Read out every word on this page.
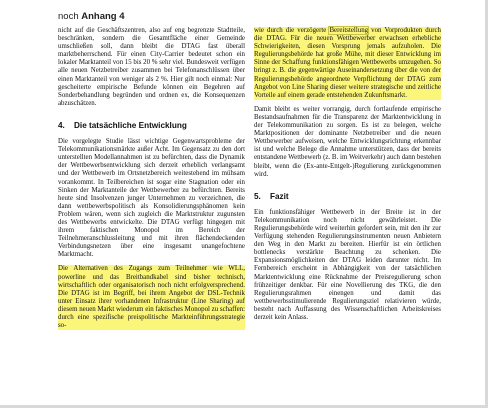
noch Anhang 4

nicht auf die Geschäftszentren, also auf eng begrenzte Stadtteile, beschränken, sondern die Gesamtfläche einer Gemeinde umschließen soll, dann bleibt die DTAG fast überall marktbeherrschend. Für einen City-Carrier bedeutet schon ein lokaler Marktanteil von 15 bis 20 % sehr viel. Bundesweit verfügen alle neuen Netzbetreiber zusammen bei Telefonanschlüssen über einen Marktanteil von weniger als 2 %. Hier gilt noch einmal: Nur gescheiterte empirische Befunde können ein Begehren auf Sonderbehandlung begründen und ordnen ex, die Konsequenzen abzuschätzen.

4. Die tatsächliche Entwicklung

Die vorgelegte Studie lässt wichtige Gegenwartsprobleme der Telekommunikationsmärkte außer Acht. Im Gegensatz zu den dort unterstellten Modellannahmen ist zu befürchten, dass die Dynamik der Wettbewerbsentwicklung sich derzeit erheblich verlangsamt und der Wettbewerb im Ortsnetzbereich weitestehend im mühsam vorankommt. In Teilbereichen ist sogar eine Stagnation oder ein Sinken der Marktanteile der Wettbewerber zu befürchten. Bereits heute sind Insolvenzen junger Unternehmen zu verzeichnen, die dann wettbewerbspolitisch als Konsolidierungsphänomen kein Problem wären, wenn sich zugleich die Marktstruktur zugunsten des Wettbewerbs entwickelte. Die DTAG verfügt hingegen mit ihrem faktischen Monopol im Bereich der Teilnehmeranschlussleitung und mit ihren flächendeckenden Verbindungsnetzen über eine insgesamt unangefochtene Marktmacht.

Die Alternativen des Zugangs zum Teilnehmer wie WLL, powerline und das Breitbandkabel sind bisher technisch, wirtschaftlich oder organisatorisch noch nicht erfolgversprechend. Die DTAG ist im Begriff, bei ihrem Angebot der DSL-Technik unter Einsatz ihrer vorhandenen Infrastruktur (Line Sharing) auf diesem neuen Markt wiederum ein faktisches Monopol zu schaffen: durch eine spezifische preispolitische Markteinführungsstrategie so-

wie durch die verzögerte Bereitstellung von Vorprodukten durch die DTAG. Für die neuen Wettbewerber erwachsen erhebliche Schwierigkeiten, diesen Vorsprung jemals aufzuholen. Die Regulierungsbehörde hat große Mühe, mit dieser Entwicklung im Sinne der Schaffung funktionsfähigen Wettbewerbs umzugehen. So bringt z. B. die gegenwärtige Auseinandersetzung über die von der Regulierungsbehörde angeordnete Verpflichtung der DTAG zum Angebot von Line Sharing dieser weitere strategische und zeitliche Vorteile auf einem gerade entstehenden Zukunftsmarkt.

Damit bleibt es weiter vorrangig, durch fortlaufende empirische Bestandsaufnahmen für die Transparenz der Marktentwicklung in der Telekommunikation zu sorgen. Es ist zu belegen, welche Marktpositionen der dominante Netzbetreiber und die neuen Wettbewerber aufweisen, welche Entwicklungsrichtung erkennbar ist und welche Belege die Annahme unterstützen, dass der bereits entstandene Wettbewerb (z. B. im Weitverkehr) auch dann bestehen bleibt, wenn die (Ex-ante-Entgelt-)Regulierung zurückgenommen wird.

5. Fazit

Ein funktionsfähiger Wettbewerb in der Breite ist in der Telekommunikation noch nicht gewährleistet. Die Regulierungsbehörde wird weiterhin gefordert sein, mit den ihr zur Verfügung stehenden Regulierungsinstrumenten neuen Anbietern den Weg in den Markt zu bereiten. Hierfür ist ein örtlichen bottlenecks verstärkte Beachtung zu schenken. Die Expansionsmöglichkeiten der DTAG leiden darunter nicht. Im Fernbereich erscheint in Abhängigkeit von der tatsächlichen Marktentwicklung eine Rücknahme der Preisregulierung schon frühzeitiger denkbar. Für eine Novellierung des TKG, die den Regulierungsrahmen einengen und damit das wettbewerbsstimulierende Regulierungsziel relativieren würde, besteht nach Auffassung des Wissenschaftlichen Arbeitskreises derzeit kein Anlass.
